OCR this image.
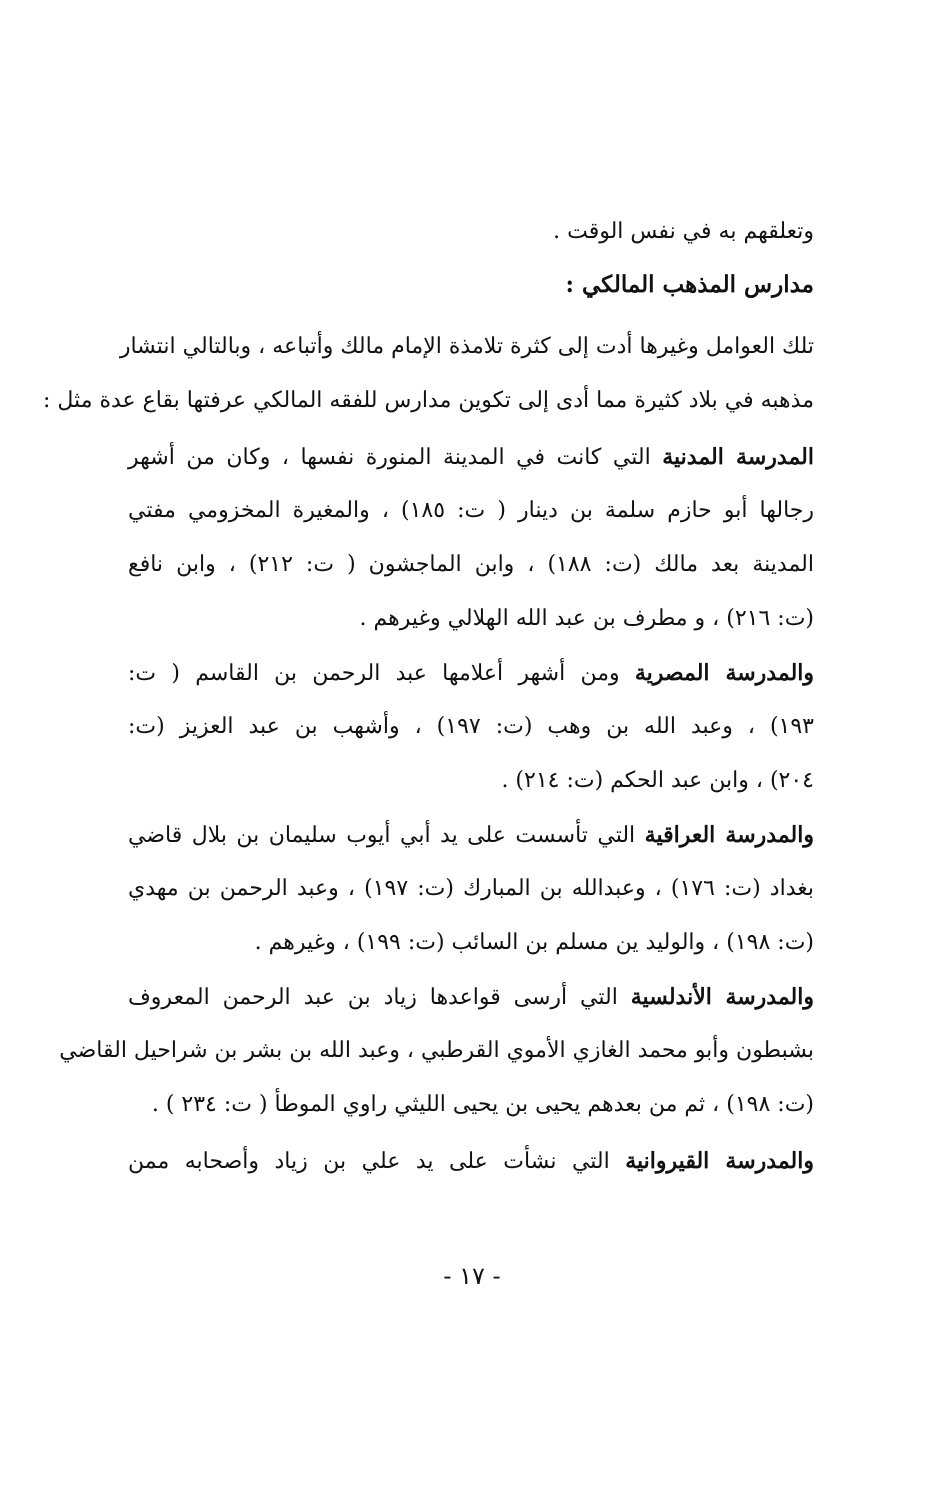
وتعلقهم به في نفس الوقت .
مدارس المذهب المالكي :
تلك العوامل وغيرها أدت إلى كثرة تلامذة الإمام مالك وأتباعه ، وبالتالي انتشار
مذهبه في بلاد كثيرة مما أدى إلى تكوين مدارس للفقه المالكي عرفتها بقاع عدة مثل :
المدرسة المدنية التي كانت في المدينة المنورة نفسها ، وكان من أشهر
رجالها أبو حازم سلمة بن دينار ( ت: ١٨٥) ، والمغيرة المخزومي مفتي
المدينة بعد مالك (ت: ١٨٨) ، وابن الماجشون ( ت: ٢١٢) ، وابن نافع
(ت: ٢١٦) ، و مطرف بن عبد الله الهلالي وغيرهم .
والمدرسة المصرية ومن أشهر أعلامها عبد الرحمن بن القاسم ( ت:
١٩٣) ، وعبد الله بن وهب (ت: ١٩٧) ، وأشهب بن عبد العزيز (ت:
٢٠٤) ، وابن عبد الحكم (ت: ٢١٤) .
والمدرسة العراقية التي تأسست على يد أبي أيوب سليمان بن بلال قاضي
بغداد (ت: ١٧٦) ، وعبدالله بن المبارك (ت: ١٩٧) ، وعبد الرحمن بن مهدي
(ت: ١٩٨) ، والوليد ين مسلم بن السائب (ت: ١٩٩) ، وغيرهم .
والمدرسة الأندلسية التي أرسى قواعدها زياد بن عبد الرحمن المعروف
بشبطون وأبو محمد الغازي الأموي القرطبي ، وعبد الله بن بشر بن شراحيل القاضي
(ت: ١٩٨) ، ثم من بعدهم يحيى بن يحيى الليثي راوي الموطأ ( ت: ٢٣٤ ) .
والمدرسة القيروانية التي نشأت على يد علي بن زياد وأصحابه ممن
- ١٧ -
